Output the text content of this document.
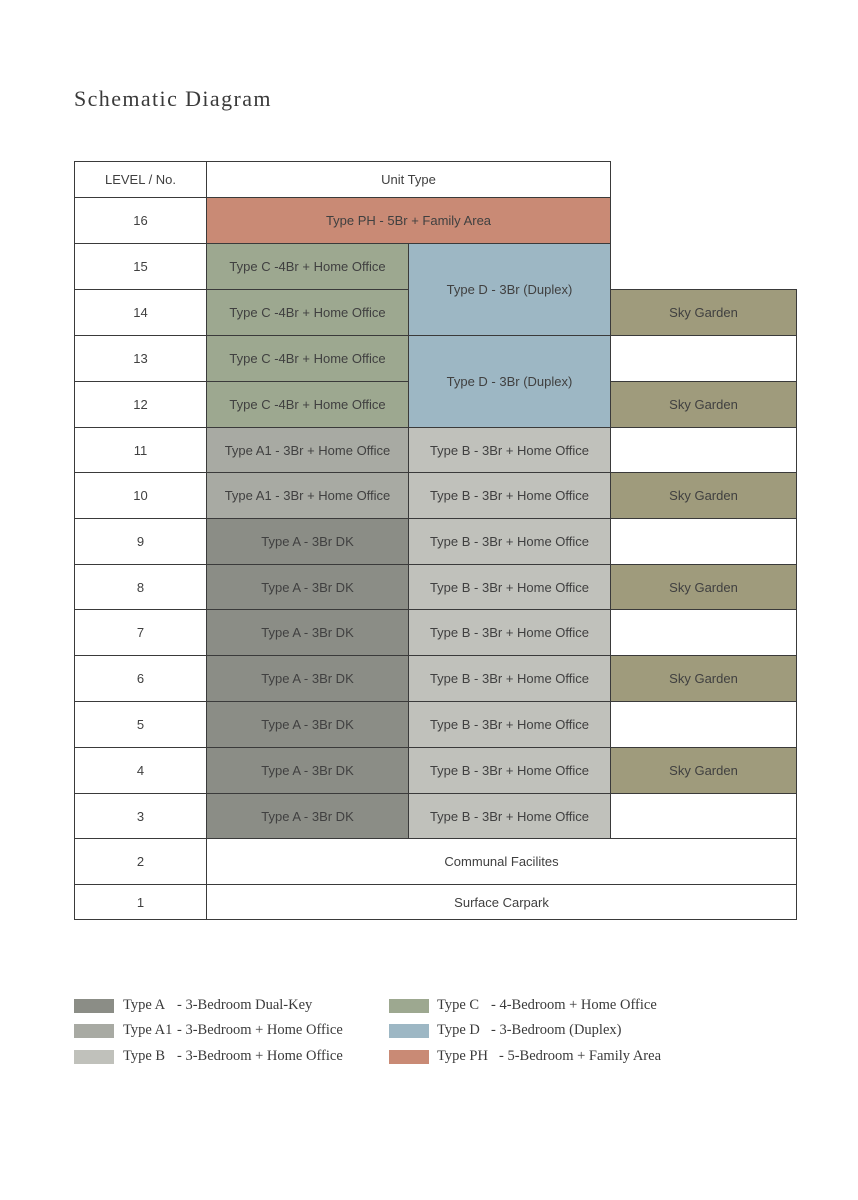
Schematic Diagram
LEVEL / No.	Unit Type
16
15
14
13
12
11
10
9
8
7
6
5
4
3
2
1
Type PH - 5Br + Family Area
Type C -4Br + Home Office
Type C -4Br + Home Office
Type C -4Br + Home Office
Type C -4Br + Home Office
Type D - 3Br (Duplex)
Type D - 3Br (Duplex)
Sky Garden
Sky Garden
Sky Garden
Sky Garden
Sky Garden
Sky Garden
Type A1 - 3Br + Home Office
Type A1 - 3Br + Home Office
Type A - 3Br DK
Type A - 3Br DK
Type A - 3Br DK
Type A - 3Br DK
Type A - 3Br DK
Type A - 3Br DK
Type A - 3Br DK
Type B - 3Br + Home Office
Type B - 3Br + Home Office
Type B - 3Br + Home Office
Type B - 3Br + Home Office
Type B - 3Br + Home Office
Type B - 3Br + Home Office
Type B - 3Br + Home Office
Type B - 3Br + Home Office
Type B - 3Br + Home Office
Communal Facilites
Surface Carpark
Type A - 3-Bedroom Dual-Key
Type A1 - 3-Bedroom + Home Office
Type B - 3-Bedroom + Home Office
Type C - 4-Bedroom + Home Office
Type D - 3-Bedroom (Duplex)
Type PH - 5-Bedroom + Family Area
